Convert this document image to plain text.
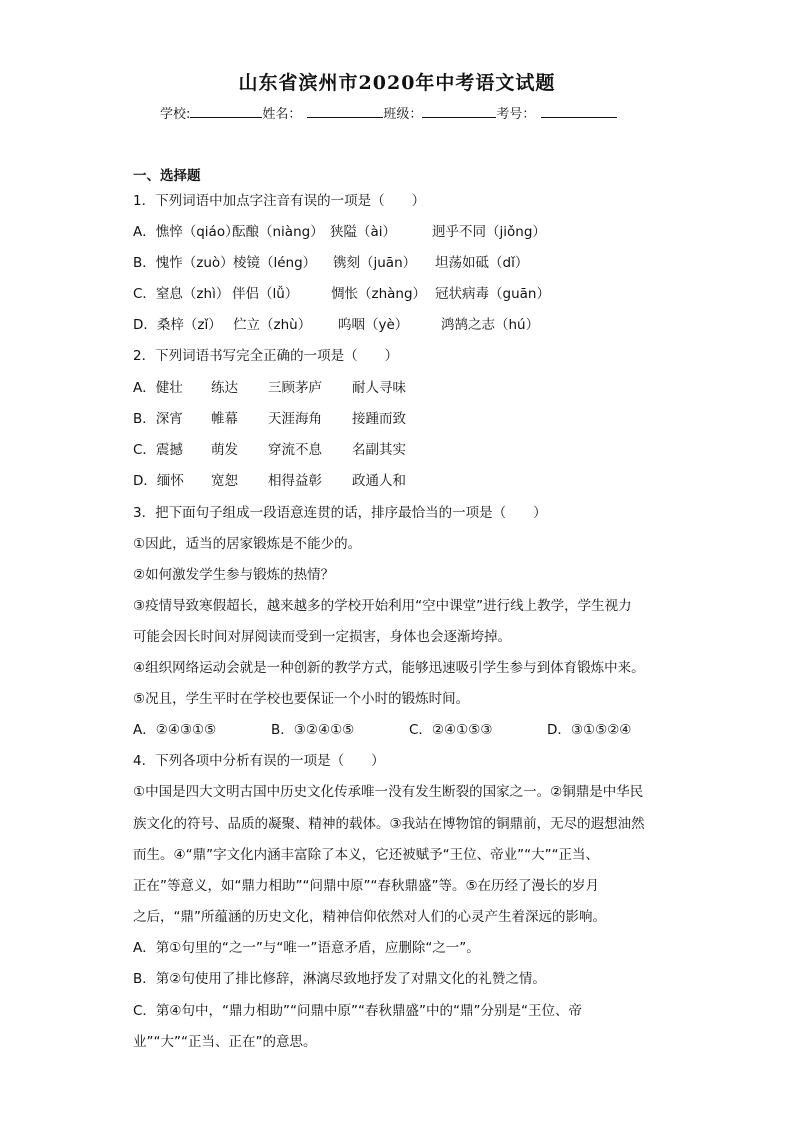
山东省滨州市2020年中考语文试题
学校:	姓名：	班级：	考号：
一、选择题
1．下列词语中加点字注音有误的一项是（　　）
A．憔悴（qiáo）酝酿（niàng） 狭隘（ài）	迥乎不同（jiǒng）
B．愧怍（zuò）棱镜（léng） 镌刻（juān） 坦荡如砥（dǐ）
C．窒息（zhì） 伴侣（lǚ） 惆怅（zhàng） 冠状病毒（guān）
D．桑梓（zǐ） 伫立（zhù） 呜咽（yè） 鸿鹄之志（hú）
2．下列词语书写完全正确的一项是（　　）
A．健壮 练达 三顾茅庐 耐人寻味
B．深宵 帷幕 天涯海角 接踵而致
C．震撼 萌发 穿流不息 名副其实
D．缅怀 宽恕 相得益彰 政通人和
3．把下面句子组成一段语意连贯的话，排序最恰当的一项是（　　）
①因此，适当的居家锻炼是不能少的。
②如何激发学生参与锻炼的热情？
③疫情导致寒假超长，越来越多的学校开始利用“空中课堂”进行线上教学，学生视力
可能会因长时间对屏阅读而受到一定损害，身体也会逐渐垮掉。
④组织网络运动会就是一种创新的教学方式，能够迅速吸引学生参与到体育锻炼中来。
⑤况且，学生平时在学校也要保证一个小时的锻炼时间。
A．②④③①⑤	B．③②④①⑤	C．②④①⑤③	D．③①⑤②④
4．下列各项中分析有误的一项是（　　）
①中国是四大文明古国中历史文化传承唯一没有发生断裂的国家之一。②铜鼎是中华民
族文化的符号、品质的凝聚、精神的载体。③我站在博物馆的铜鼎前，无尽的遐想油然
而生。④“鼎”字文化内涵丰富除了本义，它还被赋予“王位、帝业”“大”“正当、
正在”等意义，如“鼎力相助”“问鼎中原”“春秋鼎盛”等。⑤在历经了漫长的岁月
之后，“鼎”所蕴涵的历史文化，精神信仰依然对人们的心灵产生着深远的影响。
A．第①句里的“之一”与“唯一”语意矛盾，应删除“之一”。
B．第②句使用了排比修辞，淋漓尽致地抒发了对鼎文化的礼赞之情。
C．第④句中，“鼎力相助”“问鼎中原”“春秋鼎盛”中的“鼎”分别是“王位、帝
业”“大”“正当、正在”的意思。
